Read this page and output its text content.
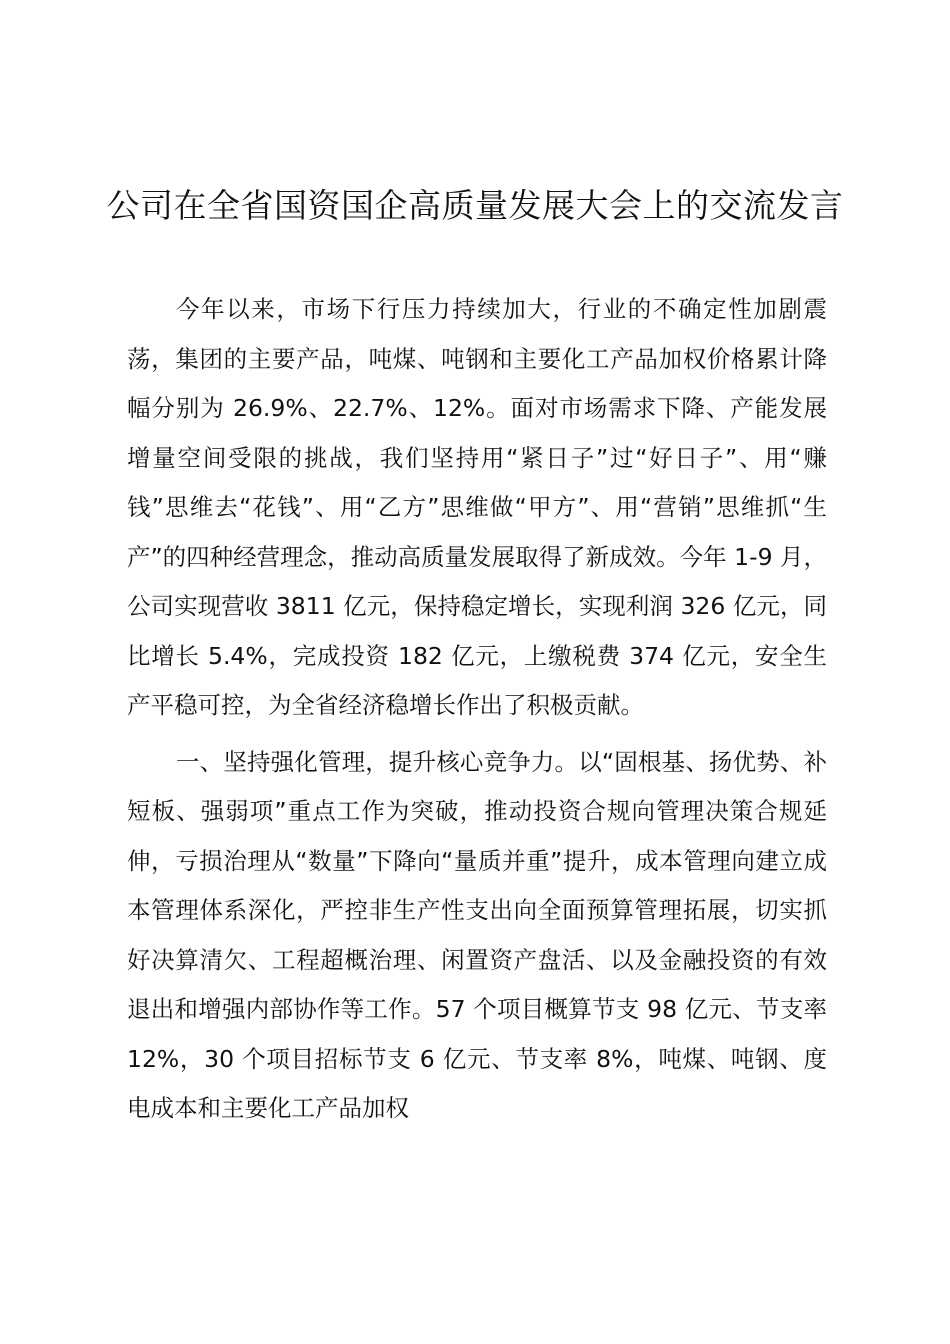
公司在全省国资国企高质量发展大会上的交流发言

今年以来，市场下行压力持续加大，行业的不确定性加剧震荡，集团的主要产品，吨煤、吨钢和主要化工产品加权价格累计降幅分别为 26.9%、22.7%、12%。面对市场需求下降、产能发展增量空间受限的挑战，我们坚持用“紧日子”过“好日子”、用“赚钱”思维去“花钱”、用“乙方”思维做“甲方”、用“营销”思维抓“生产”的四种经营理念，推动高质量发展取得了新成效。今年 1-9 月，公司实现营收 3811 亿元，保持稳定增长，实现利润 326 亿元，同比增长 5.4%，完成投资 182 亿元，上缴税费 374 亿元，安全生产平稳可控，为全省经济稳增长作出了积极贡献。

一、坚持强化管理，提升核心竞争力。以“固根基、扬优势、补短板、强弱项”重点工作为突破，推动投资合规向管理决策合规延伸，亏损治理从“数量”下降向“量质并重”提升，成本管理向建立成本管理体系深化，严控非生产性支出向全面预算管理拓展，切实抓好决算清欠、工程超概治理、闲置资产盘活、以及金融投资的有效退出和增强内部协作等工作。57 个项目概算节支 98 亿元、节支率 12%，30 个项目招标节支 6 亿元、节支率 8%，吨煤、吨钢、度电成本和主要化工产品加权
